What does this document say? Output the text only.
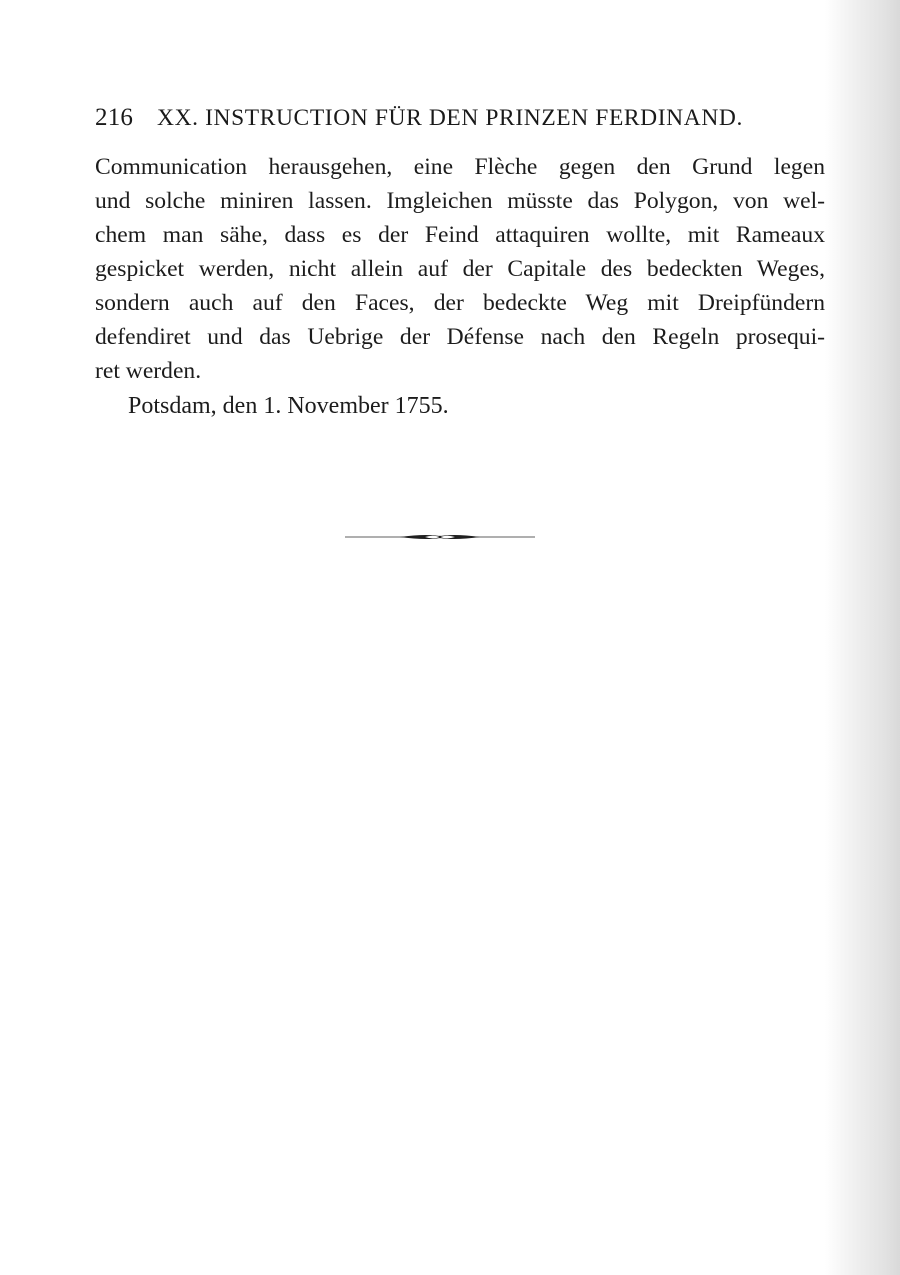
216 XX. INSTRUCTION FÜR DEN PRINZEN FERDINAND.
Communication herausgehen, eine Flèche gegen den Grund legen
und solche miniren lassen. Imgleichen müsste das Polygon, von wel-
chem man sähe, dass es der Feind attaquiren wollte, mit Rameaux
gespicket werden, nicht allein auf der Capitale des bedeckten Weges,
sondern auch auf den Faces, der bedeckte Weg mit Dreipfündern
defendiret und das Uebrige der Défense nach den Regeln prosequi-
ret werden.
Potsdam, den 1. November 1755.
